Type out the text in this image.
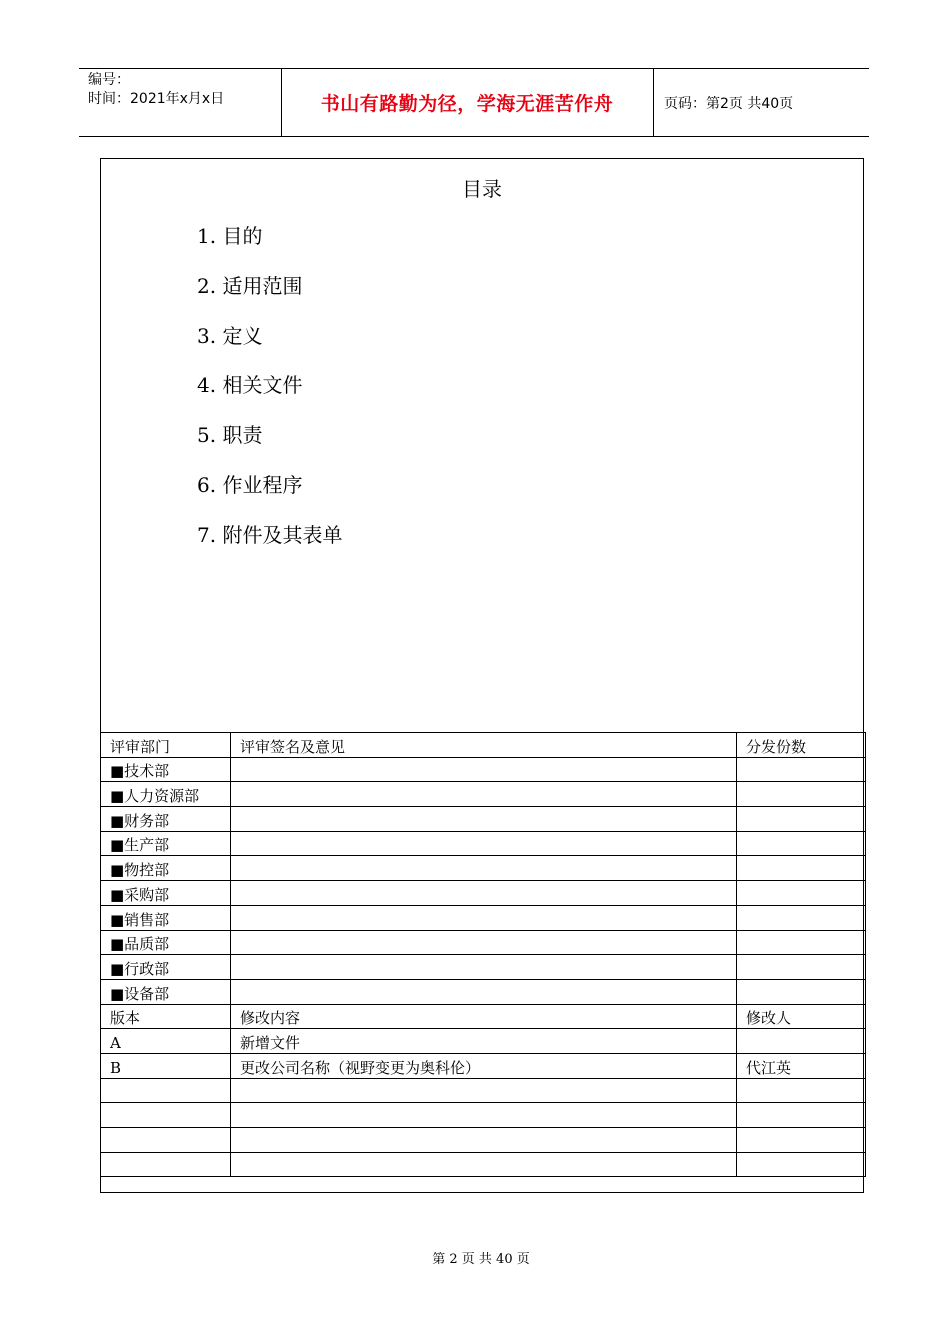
编号：
时间：2021年x月x日	书山有路勤为径，学海无涯苦作舟	页码：第2页 共40页
目录
1. 目的
2. 适用范围
3. 定义
4. 相关文件
5. 职责
6. 作业程序
7. 附件及其表单
评审部门	评审签名及意见	分发份数
■技术部		
■人力资源部		
■财务部		
■生产部		
■物控部		
■采购部		
■销售部		
■品质部		
■行政部		
■设备部		
版本	修改内容	修改人
A	新增文件	
B	更改公司名称（视野变更为奥科伦）	代江英

第 2 页 共 40 页
